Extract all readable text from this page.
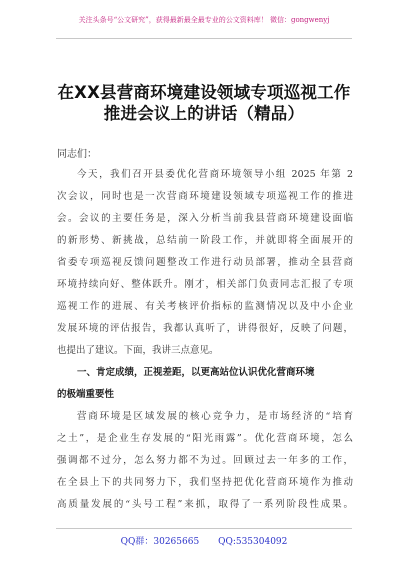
关注头条号“公文研究”，获得最新最全最专业的公文资料库！ 微信：gongwenyj
在XX县营商环境建设领域专项巡视工作
推进会议上的讲话（精品）
同志们：
今天，我们召开县委优化营商环境领导小组 2025 年第 2
次会议，同时也是一次营商环境建设领域专项巡视工作的推进
会。会议的主要任务是，深入分析当前我县营商环境建设面临
的新形势、新挑战，总结前一阶段工作，并就即将全面展开的
省委专项巡视反馈问题整改工作进行动员部署，推动全县营商
环境持续向好、整体跃升。刚才，相关部门负责同志汇报了专项
巡视工作的进展、有关考核评价指标的监测情况以及中小企业
发展环境的评估报告，我都认真听了，讲得很好，反映了问题，
也提出了建议。下面，我讲三点意见。
一、肯定成绩，正视差距，以更高站位认识优化营商环境
的极端重要性
营商环境是区域发展的核心竞争力，是市场经济的“培育
之土”，是企业生存发展的“阳光雨露”。优化营商环境，怎么
强调都不过分，怎么努力都不为过。回顾过去一年多的工作，
在全县上下的共同努力下，我们坚持把优化营商环境作为推动
高质量发展的“头号工程”来抓，取得了一系列阶段性成果。
QQ群：30265665 QQ:535304092
